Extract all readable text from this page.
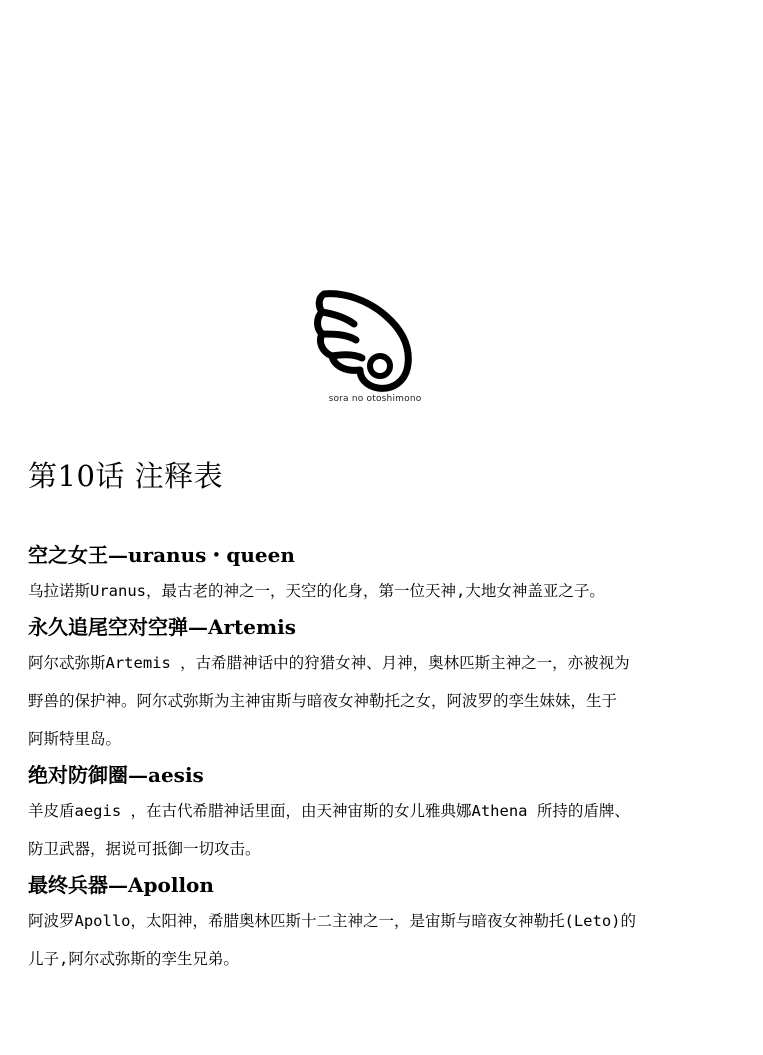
sora no otoshimono
第10话 注释表
空之女王—uranus・queen

乌拉诺斯Uranus，最古老的神之一，天空的化身，第一位天神,大地女神盖亚之子。

永久追尾空对空弹—Artemis

阿尔忒弥斯Artemis ，古希腊神话中的狩猎女神、月神，奥林匹斯主神之一，亦被视为
野兽的保护神。阿尔忒弥斯为主神宙斯与暗夜女神勒托之女，阿波罗的孪生妹妹，生于
阿斯特里岛。

绝对防御圈—aesis

羊皮盾aegis ，在古代希腊神话里面，由天神宙斯的女儿雅典娜Athena 所持的盾牌、
防卫武器，据说可抵御一切攻击。

最终兵器—Apollon

阿波罗Apollo，太阳神，希腊奥林匹斯十二主神之一，是宙斯与暗夜女神勒托(Leto)的
儿子,阿尔忒弥斯的孪生兄弟。
